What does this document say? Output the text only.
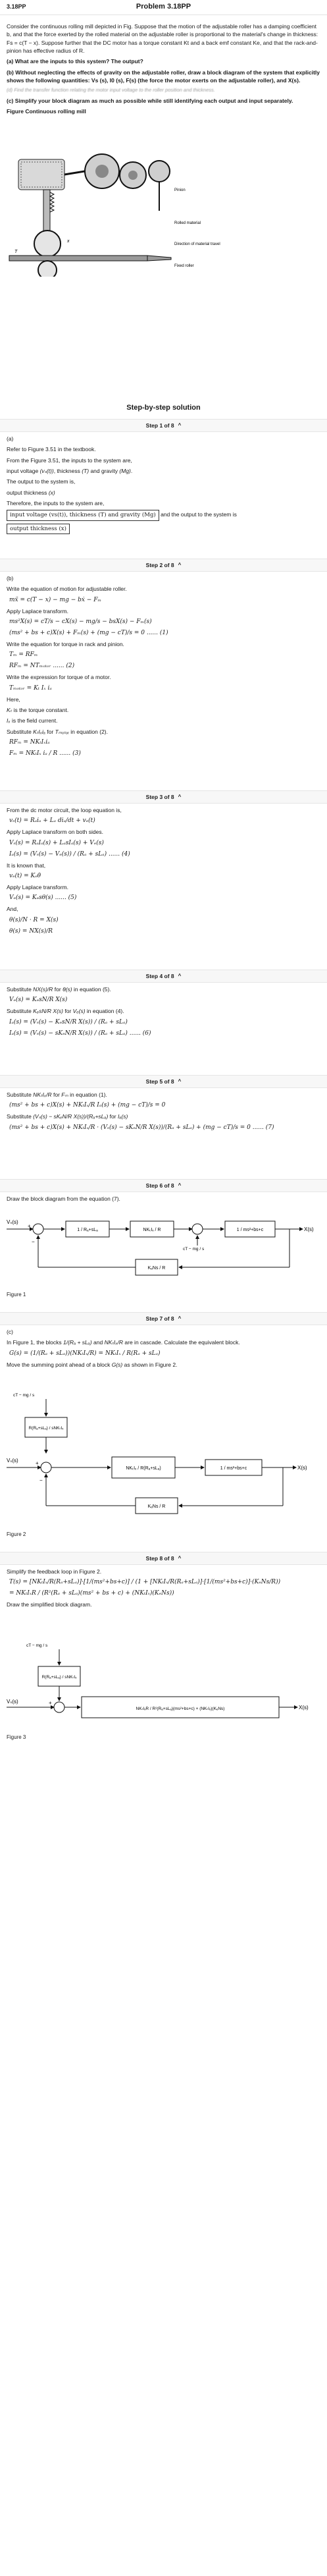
3.18PP	Problem 3.18PP

Consider the continuous rolling mill depicted in Fig. Suppose that the motion of the adjustable roller has a damping coefficient b, and that the force exerted by the rolled material on the adjustable roller is proportional to the material's change in thickness: Fs = c(T − x). Suppose further that the DC motor has a torque constant Kt and a back emf constant Ke, and that the rack-and-pinion has effective radius of R.

(a) What are the inputs to this system? The output?

(b) Without neglecting the effects of gravity on the adjustable roller, draw a block diagram of the system that explicitly shows the following quantities: Vs (s), I0 (s), F(s) (the force the motor exerts on the adjustable roller), and X(s).

(d) Find the transfer function relating the motor input voltage to the roller position and thickness.

(c) Simplify your block diagram as much as possible while still identifying each output and input separately.

Figure Continuous rolling mill

Pinion
Rolled material
Direction of material travel
Fixed roller
x
T
Step-by-step solution
Step 1 of 8 ^

(a)

Refer to Figure 3.51 in the textbook.

From the Figure 3.51, the inputs to the system are,

input voltage (vₛ(t)), thickness (T) and gravity (Mg).

The output to the system is,

output thickness (x)

Therefore, the inputs to the system are,

input voltage (vs(t)), thickness (T) and gravity (Mg) and the output to the system is

output thickness (x)

Step 2 of 8 ^

(b)

Write the equation of motion for adjustable roller.

mẍ = c(T − x) − mg − bẋ − Fₘ

Apply Laplace transform.

ms²X(s) = cT/s − cX(s) − mg/s − bsX(s) − Fₘ(s)
(ms² + bs + c)X(s) + Fₘ(s) + (mg − cT)/s = 0 ...... (1)

Write the equation for torque in rack and pinion.

Tₘ = RFₘ
RFₘ = NTₘₒₜₒᵣ ...... (2)

Write the expression for torque of a motor.

Tₘₒₜₒᵣ = Kₜ Iₓ iₐ

Here,

Kₜ is the torque constant.

Iₓ is the field current.

Substitute KₜIₓiₐ for Tₘₒₜₒᵣ in equation (2).

RFₘ = NKₜIₓiₐ
Fₘ = NKₜIₓ iₐ / R ...... (3)
Step 3 of 8 ^

From the dc motor circuit, the loop equation is,

vₛ(t) = Rₐiₐ + Lₐ diₐ/dt + vₑ(t)

Apply Laplace transform on both sides.

Vₛ(s) = RₐIₐ(s) + LₐsIₐ(s) + Vₑ(s)
Iₐ(s) = (Vₛ(s) − Vₑ(s)) / (Rₐ + sLₐ) ...... (4)

It is known that,

vₑ(t) = Kₑθ̇

Apply Laplace transform.

Vₑ(s) = Kₑsθ(s) ...... (5)

And,

θ(s)/N · R = X(s)
θ(s) = NX(s)/R
Step 4 of 8 ^

Substitute NX(s)/R for θ(s) in equation (5).

Vₑ(s) = KₑsN/R X(s)

Substitute KₑsN/R X(s) for Vₑ(s) in equation (4).

Iₐ(s) = (Vₛ(s) − KₑsN/R X(s)) / (Rₐ + sLₐ)
Iₐ(s) = (Vₛ(s) − sKₑN/R X(s)) / (Rₐ + sLₐ) ...... (6)
Step 5 of 8 ^

Substitute NKₜIₓ/R for Fₘ in equation (1).

(ms² + bs + c)X(s) + NKₜIₓ/R Iₐ(s) + (mg − cT)/s = 0

Substitute (Vₛ(s) − sKₑN/R X(s))/(Rₐ+sLₐ) for Iₐ(s)

(ms² + bs + c)X(s) + NKₜIₓ/R · (Vₛ(s) − sKₑN/R X(s))/(Rₐ + sLₐ) + (mg − cT)/s = 0 ...... (7)
Step 6 of 8 ^

Draw the block diagram from the equation (7).

Vₛ(s)
1 / Rₐ+sLₐ	NKₜIₓ / R
cT − mg / s
1 / ms²+bs+c	X(s)
KₑNs / R
−
+

Figure 1

Step 7 of 8 ^

(c)

In Figure 1, the blocks 1/(Rₐ + sLₐ) and NKₜIₓ/R are in cascade. Calculate the equivalent block.

G(s) = (1/(Rₐ + sLₐ))(NKₜIₓ/R) = NKₜIₓ / R(Rₐ + sLₐ)

Move the summing point ahead of a block G(s) as shown in Figure 2.

cT − mg / s
R(Rₐ+sLₐ) / sNKₜIₓ
Vₛ(s)
NKₜIₓ / R(Rₐ+sLₐ)	1 / ms²+bs+c	X(s)
KₑNs / R
−
+

Figure 2

Step 8 of 8 ^

Simplify the feedback loop in Figure 2.

T(s) = [NKₜIₓ/R(Rₐ+sLₐ)]·[1/(ms²+bs+c)] / (1 + [NKₜIₓ/R(Rₐ+sLₐ)]·[1/(ms²+bs+c)]·(KₑNs/R))
= NKₜIₓR / (R²(Rₐ + sLₐ)(ms² + bs + c) + (NKₜIₓ)(KₑNs))

Draw the simplified block diagram.

cT − mg / s
R(Rₐ+sLₐ) / sNKₜIₓ
Vₛ(s)	+
NKₜIₓR / R²(Rₐ+sLₐ)(ms²+bs+c) + (NKₜIₓ)(KₑNs)	X(s)

Figure 3
